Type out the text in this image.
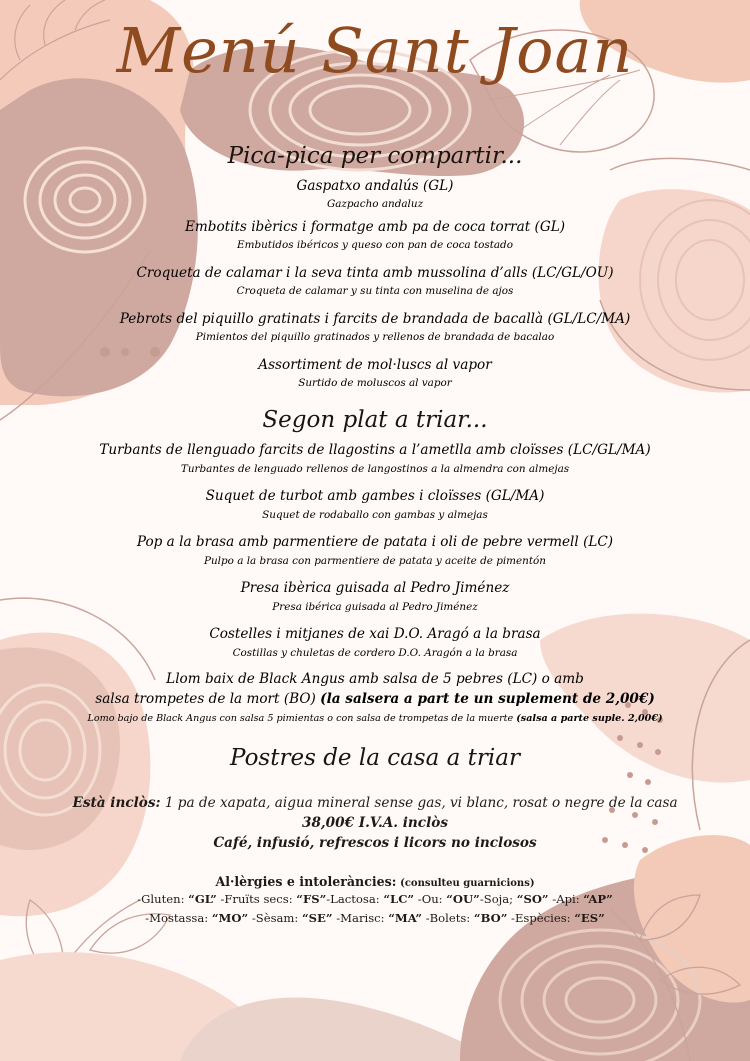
Menú Sant Joan
Pica-pica per compartir...
Gaspatxo andalús (GL)
Gazpacho andaluz
Embotits ibèrics i formatge amb pa de coca torrat (GL)
Embutidos ibéricos y queso con pan de coca tostado
Croqueta de calamar i la seva tinta amb mussolina d’alls (LC/GL/OU)
Croqueta de calamar y su tinta con muselina de ajos
Pebrots del piquillo gratinats i farcits de brandada de bacallà (GL/LC/MA)
Pimientos del piquillo gratinados y rellenos de brandada de bacalao
Assortiment de mol·luscs al vapor
Surtido de moluscos al vapor
Segon plat a triar...
Turbants de llenguado farcits de llagostins a l’ametlla amb cloïsses (LC/GL/MA)
Turbantes de lenguado rellenos de langostinos a la almendra con almejas
Suquet de turbot amb gambes i cloïsses (GL/MA)
Suquet de rodaballo con gambas y almejas
Pop a la brasa amb parmentiere de patata i oli de pebre vermell (LC)
Pulpo a la brasa con parmentiere de patata y aceite de pimentón
Presa ibèrica guisada al Pedro Jiménez
Presa ibérica guisada al Pedro Jiménez
Costelles i mitjanes de xai D.O. Aragó a la brasa
Costillas y chuletas de cordero D.O. Aragón a la brasa
Llom baix de Black Angus amb salsa de 5 pebres (LC) o amb
salsa trompetes de la mort (BO) (la salsera a part te un suplement de 2,00€)
Lomo bajo de Black Angus con salsa 5 pimientas o con salsa de trompetas de la muerte (salsa a parte suple. 2,00€)
Postres de la casa a triar
Està inclòs: 1 pa de xapata, aigua mineral sense gas, vi blanc, rosat o negre de la casa
38,00€ I.V.A. inclòs
Café, infusió, refrescos i licors no inclosos
Al·lèrgies e intoleràncies: (consulteu guarnicions)
-Gluten: “GL” -Fruïts secs: “FS”-Lactosa: “LC” -Ou: “OU”-Soja; “SO” -Api: “AP”
-Mostassa: “MO” -Sèsam: “SE” -Marisc: “MA” -Bolets: “BO” -Espècies: “ES”
